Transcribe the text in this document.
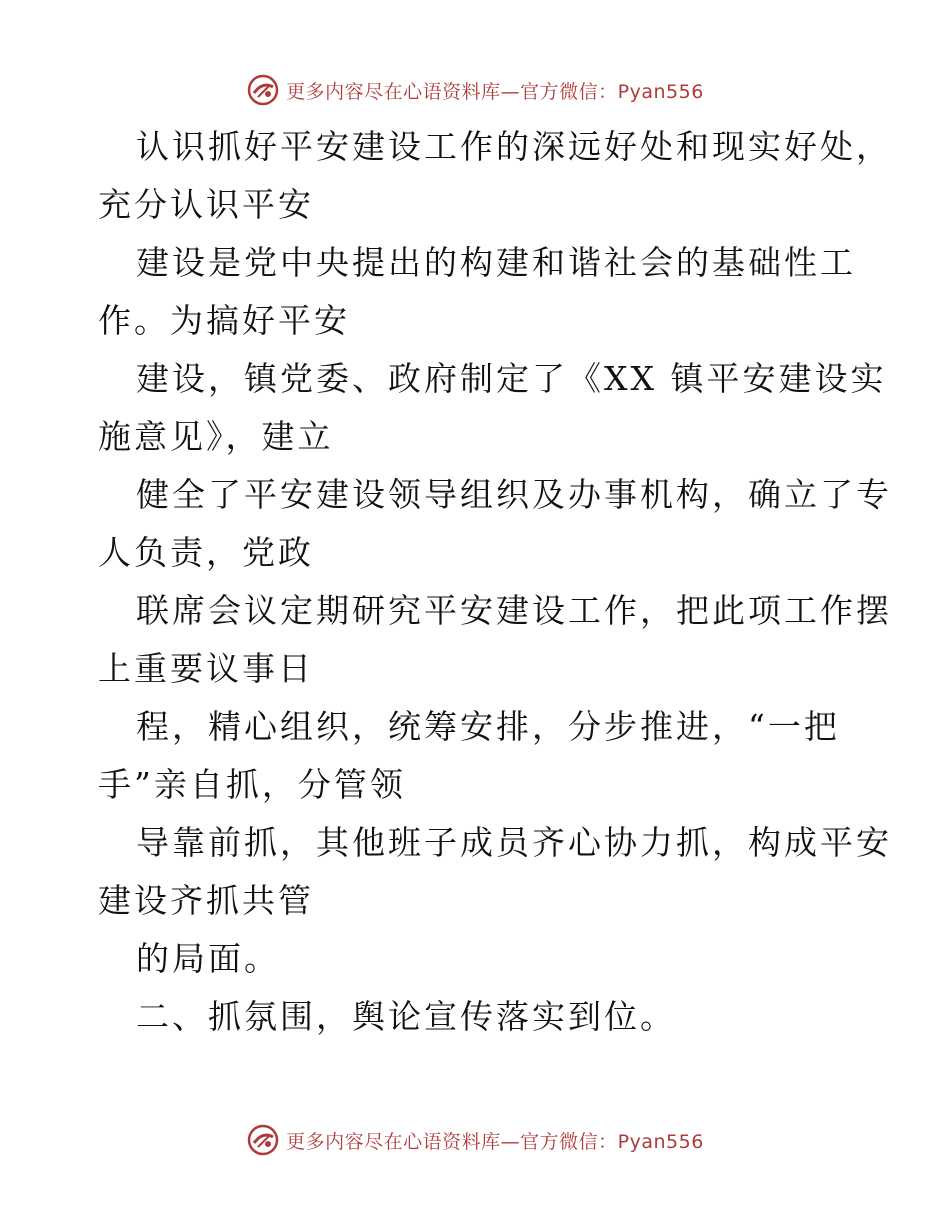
更多内容尽在心语资料库—官方微信：Pyan556
认识抓好平安建设工作的深远好处和现实好处，
充分认识平安
建设是党中央提出的构建和谐社会的基础性工
作。为搞好平安
建设，镇党委、政府制定了《XX 镇平安建设实
施意见》，建立
健全了平安建设领导组织及办事机构，确立了专
人负责，党政
联席会议定期研究平安建设工作，把此项工作摆
上重要议事日
程，精心组织，统筹安排，分步推进，“一把
手”亲自抓，分管领
导靠前抓，其他班子成员齐心协力抓，构成平安
建设齐抓共管
的局面。
二、抓氛围，舆论宣传落实到位。
更多内容尽在心语资料库—官方微信：Pyan556
